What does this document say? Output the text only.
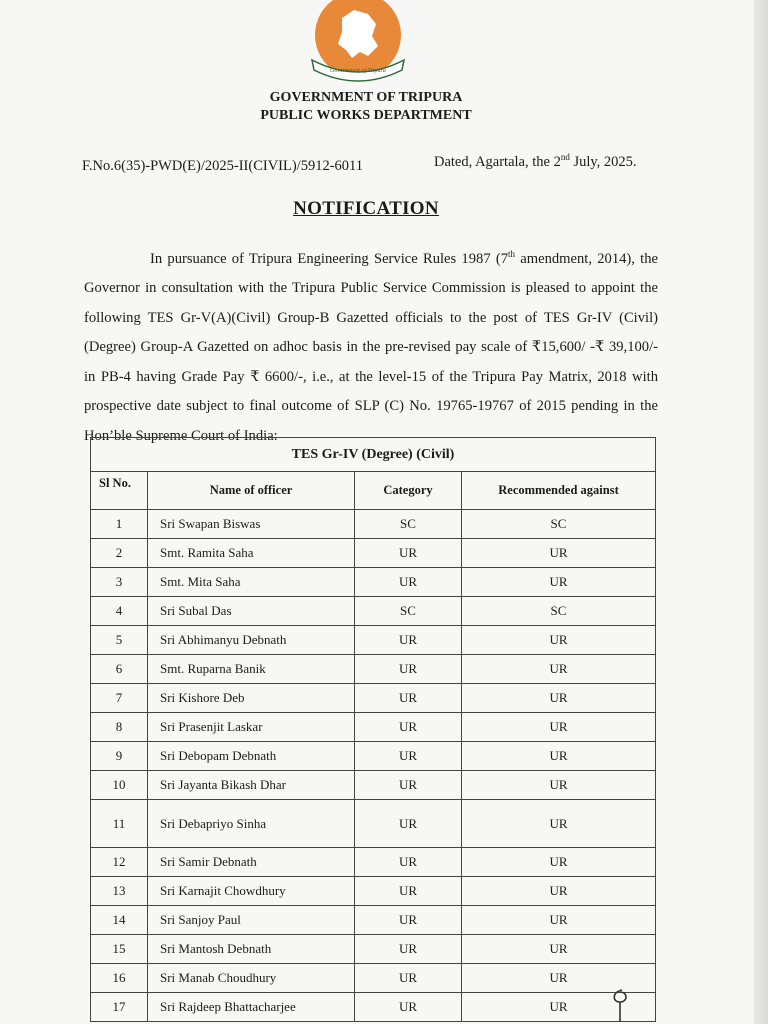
Government of Tripura
GOVERNMENT OF TRIPURA
PUBLIC WORKS DEPARTMENT
F.No.6(35)-PWD(E)/2025-II(CIVIL)/5912-6011	Dated, Agartala, the 2nd July, 2025.
NOTIFICATION
In pursuance of Tripura Engineering Service Rules 1987 (7th amendment, 2014), the Governor in consultation with the Tripura Public Service Commission is pleased to appoint the following TES Gr-V(A)(Civil) Group-B Gazetted officials to the post of TES Gr-IV (Civil) (Degree) Group-A Gazetted on adhoc basis in the pre-revised pay scale of ₹15,600/ -₹ 39,100/- in PB-4 having Grade Pay ₹ 6600/-, i.e., at the level-15 of the Tripura Pay Matrix, 2018 with prospective date subject to final outcome of SLP (C) No. 19765-19767 of 2015 pending in the Hon’ble Supreme Court of India:
TES Gr-IV (Degree) (Civil)			
Sl No.	Name of officer	Category	Recommended against
1	Sri Swapan Biswas	SC	SC
2	Smt. Ramita Saha	UR	UR
3	Smt. Mita Saha	UR	UR
4	Sri Subal Das	SC	SC
5	Sri Abhimanyu Debnath	UR	UR
6	Smt. Ruparna Banik	UR	UR
7	Sri Kishore Deb	UR	UR
8	Sri Prasenjit Laskar	UR	UR
9	Sri Debopam Debnath	UR	UR
10	Sri Jayanta Bikash Dhar	UR	UR
11	Sri Debapriyo Sinha	UR	UR
12	Sri Samir Debnath	UR	UR
13	Sri Karnajit Chowdhury	UR	UR
14	Sri Sanjoy Paul	UR	UR
15	Sri Mantosh Debnath	UR	UR
16	Sri Manab Choudhury	UR	UR
17	Sri Rajdeep Bhattacharjee	UR	UR
